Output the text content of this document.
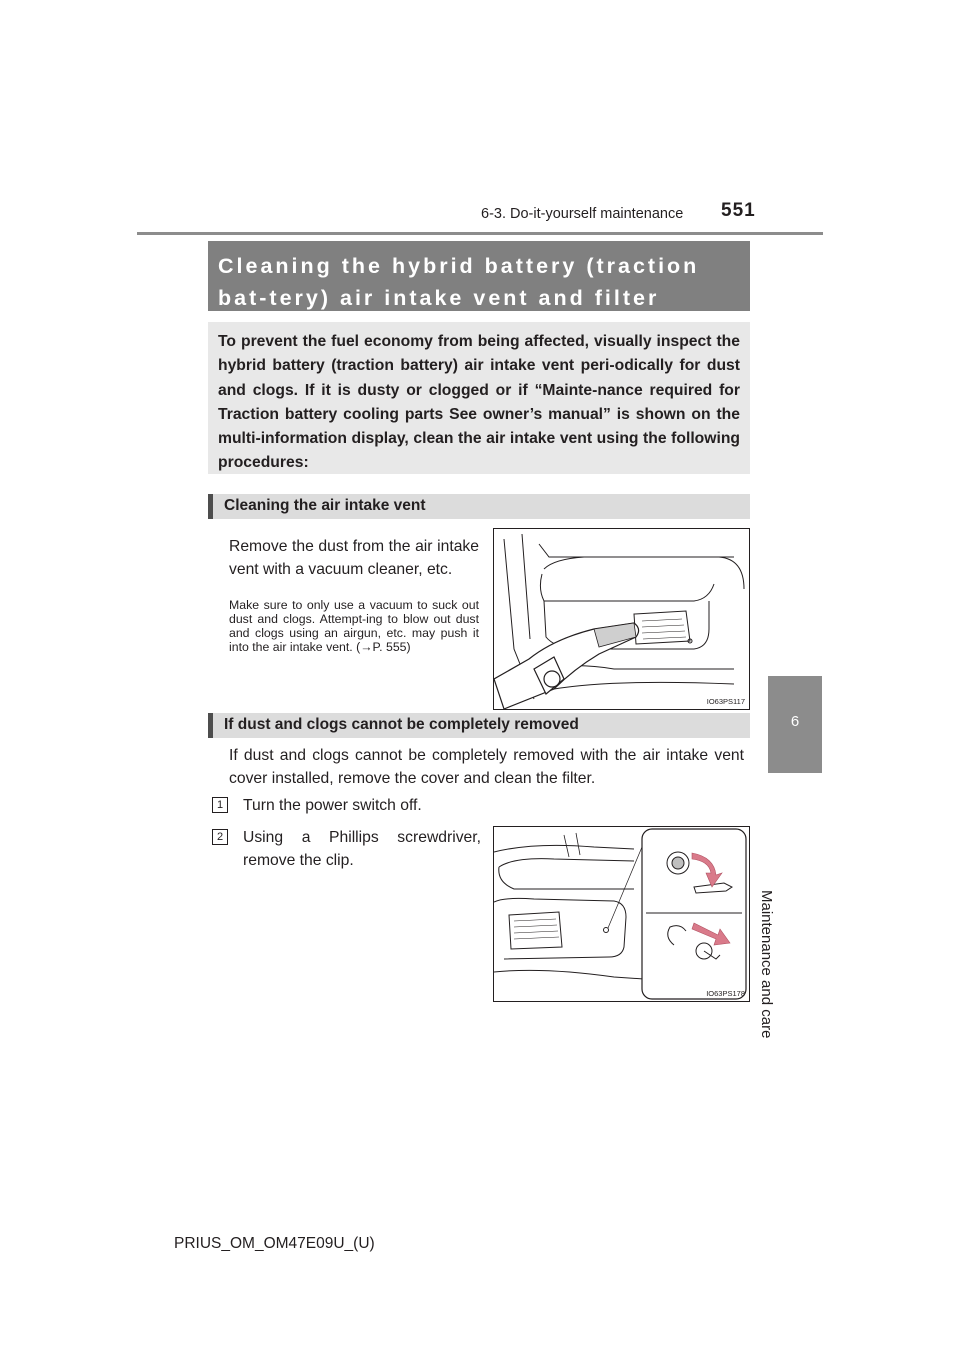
6-3. Do-it-yourself maintenance 551
6
Maintenance and care
Cleaning the hybrid battery (traction bat-tery) air intake vent and filter
To prevent the fuel economy from being affected, visually inspect the hybrid battery (traction battery) air intake vent peri-odically for dust and clogs. If it is dusty or clogged or if “Mainte-nance required for Traction battery cooling parts See owner’s manual” is shown on the multi-information display, clean the air intake vent using the following procedures:
Cleaning the air intake vent
Remove the dust from the air intake vent with a vacuum cleaner, etc.
Make sure to only use a vacuum to suck out dust and clogs. Attempt-ing to blow out dust and clogs using an airgun, etc. may push it into the air intake vent. (→P. 555)
IO63PS117
If dust and clogs cannot be completely removed
If dust and clogs cannot be completely removed with the air intake vent cover installed, remove the cover and clean the filter.
1	Turn the power switch off.
2	Using a Phillips screwdriver, remove the clip.
IO63PS178
PRIUS_OM_OM47E09U_(U)
